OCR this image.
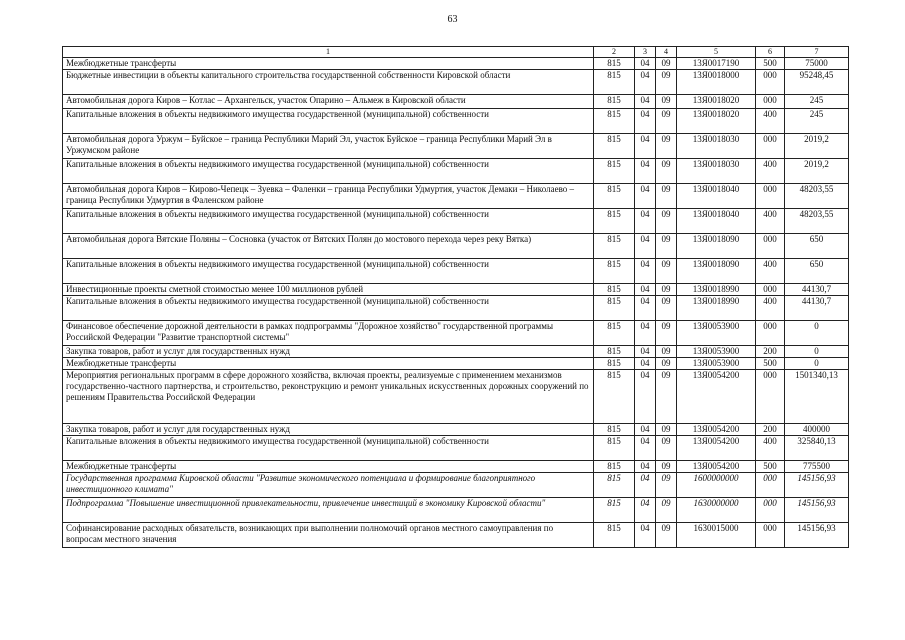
63
1	2	3	4	5	6	7
Межбюджетные трансферты	815	04	09	13Я0017190	500	75000
Бюджетные инвестиции в объекты капитального строительства государственной собственности Кировской области	815	04	09	13Я0018000	000	95248,45
Автомобильная дорога Киров – Котлас – Архангельск, участок Опарино – Альмеж в Кировской области	815	04	09	13Я0018020	000	245
Капитальные вложения в объекты недвижимого имущества государственной (муниципальной) собственности	815	04	09	13Я0018020	400	245
Автомобильная дорога Уржум – Буйское – граница Республики Марий Эл, участок Буйское – граница Республики Марий Эл в Уржумском районе	815	04	09	13Я0018030	000	2019,2
Капитальные вложения в объекты недвижимого имущества государственной (муниципальной) собственности	815	04	09	13Я0018030	400	2019,2
Автомобильная дорога Киров – Кирово-Чепецк – Зуевка – Фаленки – граница Республики Удмуртия, участок Демаки – Николаево – граница Республики Удмуртия в Фаленском районе	815	04	09	13Я0018040	000	48203,55
Капитальные вложения в объекты недвижимого имущества государственной (муниципальной) собственности	815	04	09	13Я0018040	400	48203,55
Автомобильная дорога Вятские Поляны – Сосновка (участок от Вятских Полян до мостового перехода через реку Вятка)	815	04	09	13Я0018090	000	650
Капитальные вложения в объекты недвижимого имущества государственной (муниципальной) собственности	815	04	09	13Я0018090	400	650
Инвестиционные проекты сметной стоимостью менее 100 миллионов рублей	815	04	09	13Я0018990	000	44130,7
Капитальные вложения в объекты недвижимого имущества государственной (муниципальной) собственности	815	04	09	13Я0018990	400	44130,7
Финансовое обеспечение дорожной деятельности в рамках подпрограммы "Дорожное хозяйство" государственной программы Российской Федерации "Развитие транспортной системы"	815	04	09	13Я0053900	000	0
Закупка товаров, работ и услуг для государственных нужд	815	04	09	13Я0053900	200	0
Межбюджетные трансферты	815	04	09	13Я0053900	500	0
Мероприятия региональных программ в сфере дорожного хозяйства, включая проекты, реализуемые с применением механизмов государственно-частного партнерства, и строительство, реконструкцию и ремонт уникальных искусственных дорожных сооружений по решениям Правительства Российской Федерации	815	04	09	13Я0054200	000	1501340,13
Закупка товаров, работ и услуг для государственных нужд	815	04	09	13Я0054200	200	400000
Капитальные вложения в объекты недвижимого имущества государственной (муниципальной) собственности	815	04	09	13Я0054200	400	325840,13
Межбюджетные трансферты	815	04	09	13Я0054200	500	775500
Государственная программа Кировской области "Развитие экономического потенциала и формирование благоприятного инвестиционного климата"	815	04	09	1600000000	000	145156,93
Подпрограмма "Повышение инвестиционной привлекательности, привлечение инвестиций в экономику Кировской области"	815	04	09	1630000000	000	145156,93
Софинансирование расходных обязательств, возникающих при выполнении полномочий органов местного самоуправления по вопросам местного значения	815	04	09	1630015000	000	145156,93
